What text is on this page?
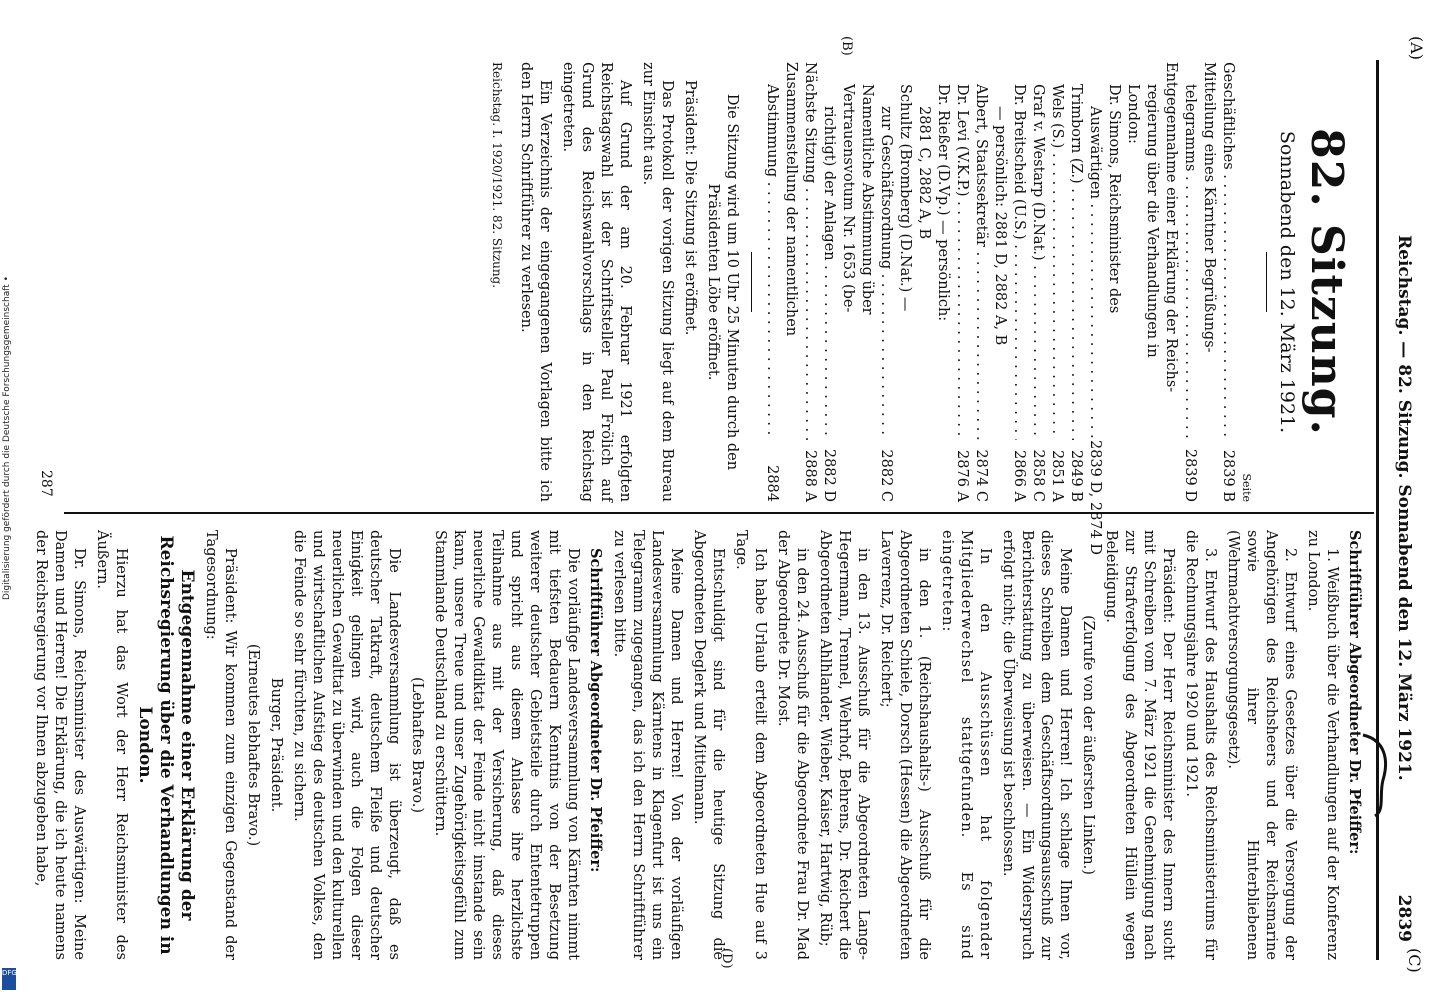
(A)
(B)
(C)
(D)
Reichstag. — 82. Sitzung. Sonnabend den 12. März 1921.
2839
82. Sitzung.
Sonnabend den 12. März 1921.
Seite
Geschäftliches . . .
2839 B
Mitteilung eines Kärntner Begrüßungs-
telegramms . . .
2839 D
Entgegennahme einer Erklärung der Reichs-
regierung über die Verhandlungen in
London:
Dr. Simons, Reichsminister des
Auswärtigen . . .
2839 D, 2874 D
Trimborn (Z.) . . .
2849 B
Wels (S.) . . .
2851 A
Graf v. Westarp (D.Nat.) . . .
2858 C
Dr. Breitscheid (U.S.) . . .
2866 A
— persönlich: 2881 D, 2882 A, B
Albert, Staatssekretär . . .
2874 C
Dr. Levi (V.K.P.) . . .
2876 A
Dr. Rießer (D.Vp.) — persönlich:
2881 C, 2882 A, B
Schultz (Bromberg) (D.Nat.) —
zur Geschäftsordnung . . .
2882 C
Namentliche Abstimmung über
Vertrauensvotum Nr. 1653 (be-
richtigt) der Anlagen . . .
2882 D
Nächste Sitzung . . .
2888 A
Zusammenstellung der namentlichen
Abstimmung . . .
2884

Die Sitzung wird um 10 Uhr 25 Minuten durch den Präsidenten Löbe eröffnet.

Präsident: Die Sitzung ist eröffnet.

Das Protokoll der vorigen Sitzung liegt auf dem Bureau zur Einsicht aus.

Auf Grund der am 20. Februar 1921 erfolgten Reichstagswahl ist der Schriftsteller Paul Frölich auf Grund des Reichswahlvorschlags in den Reichstag eingetreten.

Ein Verzeichnis der eingegangenen Vorlagen bitte ich den Herrn Schriftführer zu verlesen.

Reichstag. I. 1920/1921. 82. Sitzung.

Schriftführer Abgeordneter Dr. Pfeiffer:

1. Weißbuch über die Verhandlungen auf der Konferenz zu London.

2. Entwurf eines Gesetzes über die Versorgung der Angehörigen des Reichsheers und der Reichsmarine sowie ihrer Hinterbliebenen (Wehrmachtversorgungsgesetz).

3. Entwurf des Haushalts des Reichsministeriums für die Rechnungsjahre 1920 und 1921.

Präsident: Der Herr Reichsminister des Innern sucht mit Schreiben vom 7. März 1921 die Genehmigung nach zur Strafverfolgung des Abgeordneten Hüllein wegen Beleidigung.

(Zurufe von der äußersten Linken.)

Meine Damen und Herren! Ich schlage Ihnen vor, dieses Schreiben dem Geschäftsordnungsausschuß zur Berichterstattung zu überweisen. — Ein Widerspruch erfolgt nicht; die Überweisung ist beschlossen.

In den Ausschüssen hat folgender Mitgliederwechsel stattgefunden. Es sind eingetreten:

in den 1. (Reichshaushalts-) Ausschuß für die Abgeordneten Schiele, Dorsch (Hessen) die Abgeordneten Laverrenz, Dr. Reichert;

in den 13. Ausschuß für die Abgeordneten Lange-Hegermann, Trennel, Wehrhof, Behrens, Dr. Reichert die Abgeordneten Ahlhlander, Wieber, Kaiser, Hartwig, Rüb;

in den 24. Ausschuß für die Abgeordnete Frau Dr. Mad der Abgeordnete Dr. Most.

Ich habe Urlaub erteilt dem Abgeordneten Hue auf 3 Tage.

Entschuldigt sind für die heutige Sitzung die Abgeordneten Deglerk und Mittelmann.

Meine Damen und Herren! Von der vorläufigen Landesversammlung Kärntens in Klagenfurt ist uns ein Telegramm zugegangen, das ich den Herrn Schriftführer zu verlesen bitte.

Schriftführer Abgeordneter Dr. Pfeiffer:

Die vorläufige Landesversammlung von Kärnten nimmt mit tiefsten Bedauern Kenntnis von der Besetzung weiterer deutscher Gebietsteile durch Ententetruppen und spricht aus diesem Anlasse ihre herzlichste Teilnahme aus mit der Versicherung, daß dieses neuerliche Gewaltdiktat der Feinde nicht imstande sein kann, unsere Treue und unser Zugehörigkeitsgefühl zum Stammlande Deutschland zu erschüttern.

(Lebhaftes Bravo.)

Die Landesversammlung ist überzeugt, daß es deutscher Tatkraft, deutschem Fleiße und deutscher Einigkeit gelingen wird, auch die Folgen dieser neuerlichen Gewalttat zu überwinden und den kulturellen und wirtschaftlichen Aufstieg des deutschen Volkes, den die Feinde so sehr fürchten, zu sichern.

Burger, Präsident.

(Erneutes lebhaftes Bravo.)

Präsident: Wir kommen zum einzigen Gegenstand der Tagesordnung:

Entgegennahme einer Erklärung der Reichsregierung über die Verhandlungen in London.

Hierzu hat das Wort der Herr Reichsminister des Äußern.

Dr. Simons, Reichsminister des Auswärtigen: Meine Damen und Herren! Die Erklärung, die ich heute namens der Reichsregierung vor Ihnen abzugeben habe,

287
Digitalisierung gefördert durch die Deutsche Forschungsgemeinschaft •
DFG
